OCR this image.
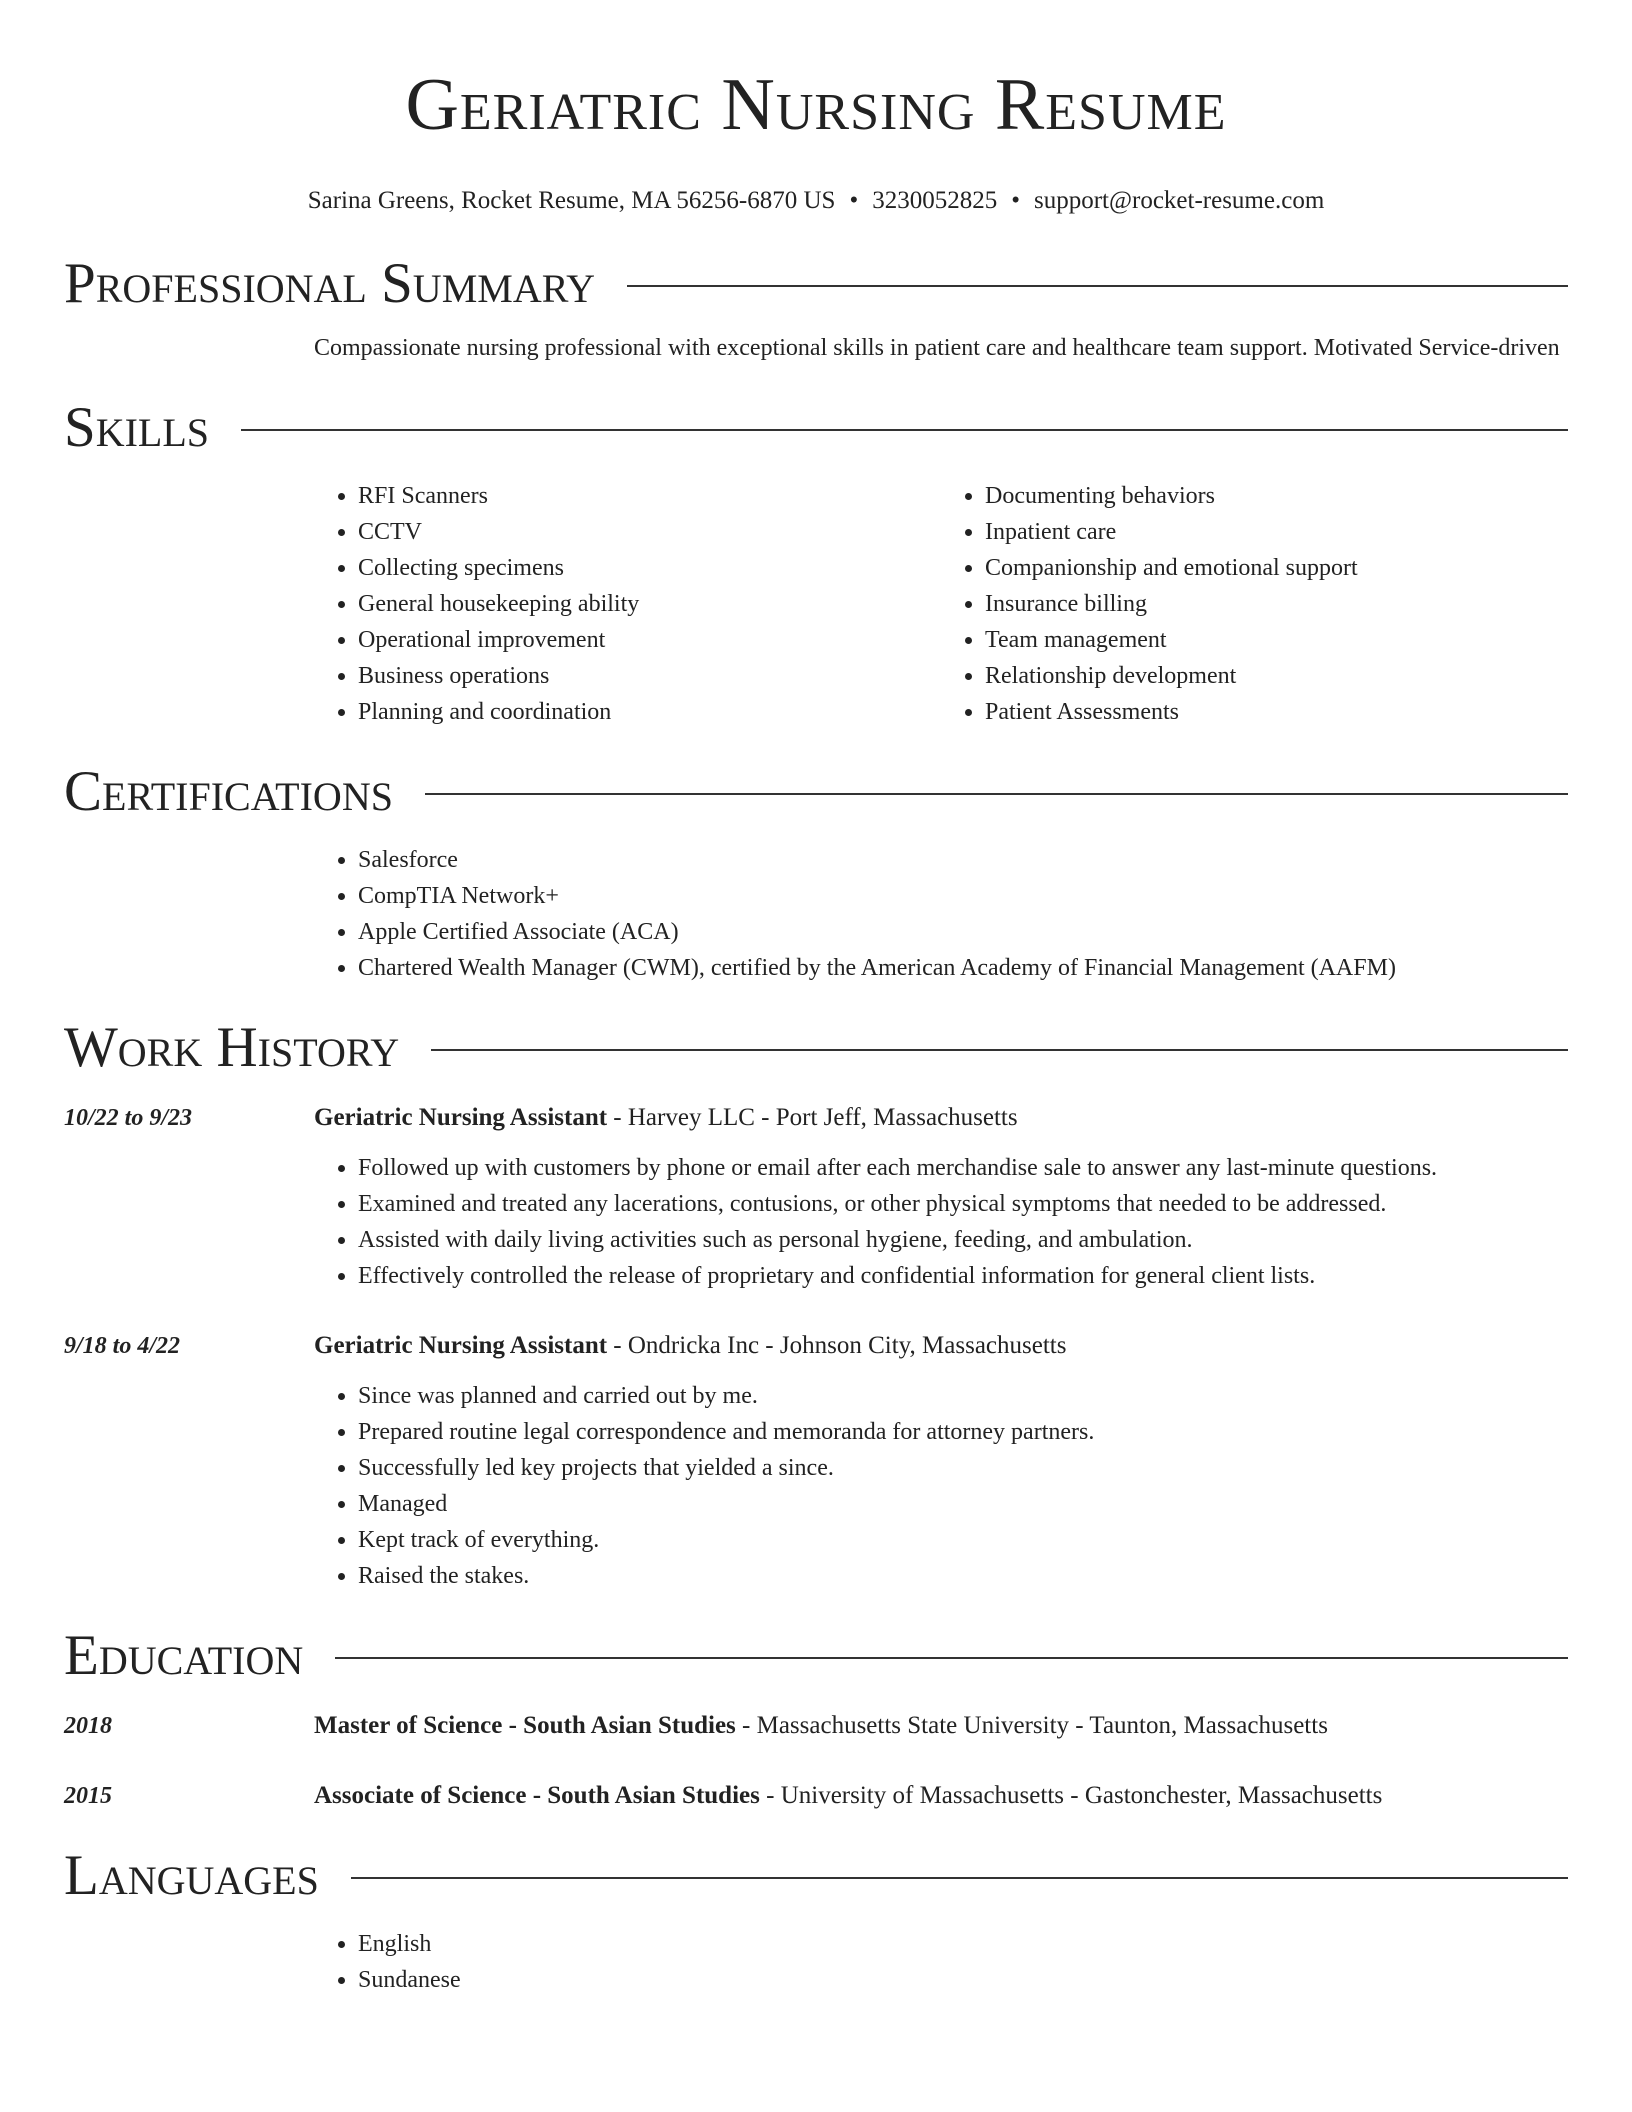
Geriatric Nursing Resume
Sarina Greens, Rocket Resume, MA 56256-6870 US • 3230052825 • support@rocket-resume.com
Professional Summary
Compassionate nursing professional with exceptional skills in patient care and healthcare team support. Motivated Service-driven
Skills
• RFI Scanners
• CCTV
• Collecting specimens
• General housekeeping ability
• Operational improvement
• Business operations
• Planning and coordination
• Documenting behaviors
• Inpatient care
• Companionship and emotional support
• Insurance billing
• Team management
• Relationship development
• Patient Assessments
Certifications
• Salesforce
• CompTIA Network+
• Apple Certified Associate (ACA)
• Chartered Wealth Manager (CWM), certified by the American Academy of Financial Management (AAFM)
Work History
10/22 to 9/23	Geriatric Nursing Assistant - Harvey LLC - Port Jeff, Massachusetts
• Followed up with customers by phone or email after each merchandise sale to answer any last-minute questions.
• Examined and treated any lacerations, contusions, or other physical symptoms that needed to be addressed.
• Assisted with daily living activities such as personal hygiene, feeding, and ambulation.
• Effectively controlled the release of proprietary and confidential information for general client lists.
9/18 to 4/22	Geriatric Nursing Assistant - Ondricka Inc - Johnson City, Massachusetts
• Since was planned and carried out by me.
• Prepared routine legal correspondence and memoranda for attorney partners.
• Successfully led key projects that yielded a since.
• Managed
• Kept track of everything.
• Raised the stakes.
Education
2018	Master of Science - South Asian Studies - Massachusetts State University - Taunton, Massachusetts
2015	Associate of Science - South Asian Studies - University of Massachusetts - Gastonchester, Massachusetts
Languages
• English
• Sundanese
